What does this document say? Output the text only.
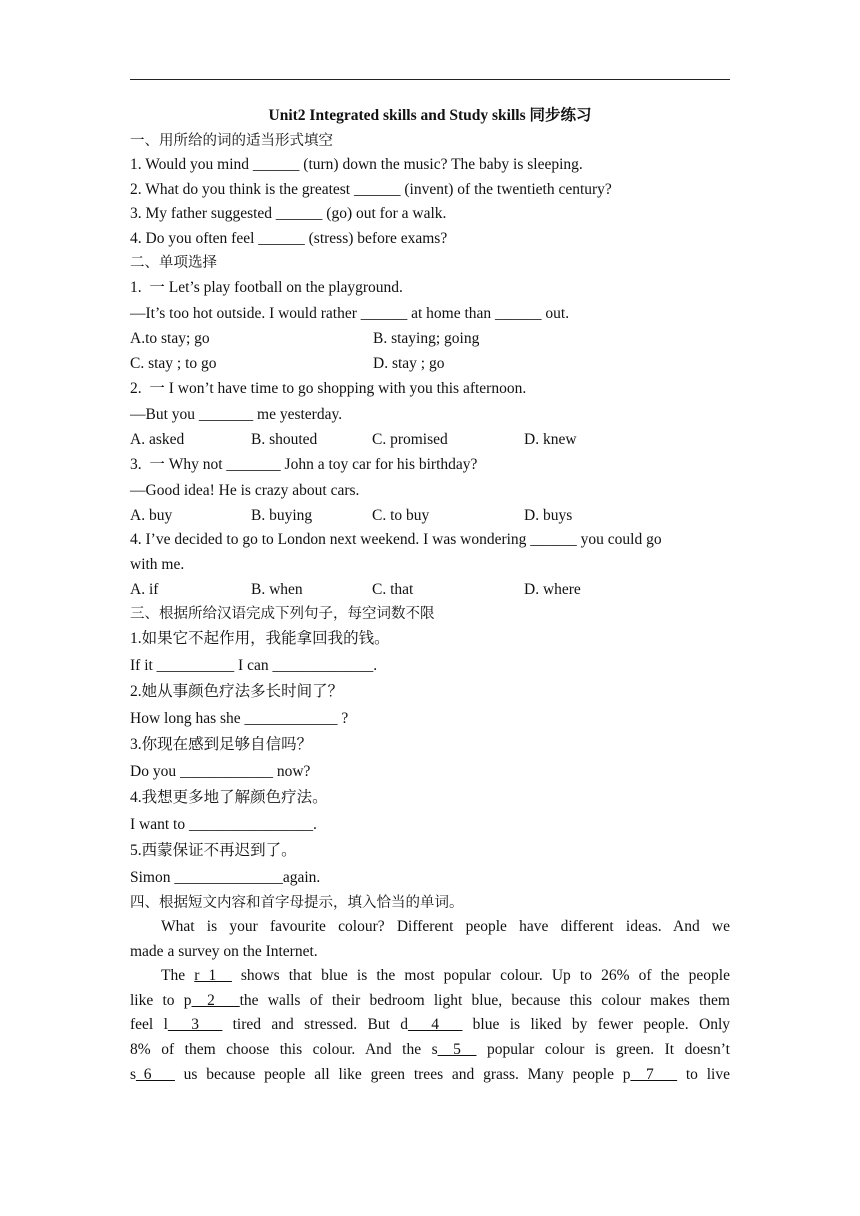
Unit2 Integrated skills and Study skills 同步练习
一、用所给的词的适当形式填空
1. Would you mind ______ (turn) down the music? The baby is sleeping.
2. What do you think is the greatest ______ (invent) of the twentieth century?
3. My father suggested ______ (go) out for a walk.
4. Do you often feel ______ (stress) before exams?
二、单项选择
1.  一 Let’s play football on the playground.
—It’s too hot outside. I would rather ______ at home than ______ out.
A.to stay; go	B. staying; going
C. stay ; to go	D. stay ; go
2.  一 I won’t have time to go shopping with you this afternoon.
—But you _______ me yesterday.
A. asked	B. shouted	C. promised	D. knew
3.  一 Why not _______ John a toy car for his birthday?
—Good idea! He is crazy about cars.
A. buy	B. buying	C. to buy	D. buys
4. I’ve decided to go to London next weekend. I was wondering ______ you could go
with me.
A. if	B. when	C. that	D. where
三、根据所给汉语完成下列句子，每空词数不限
1.如果它不起作用，我能拿回我的钱。
If it __________ I can _____________.
2.她从事颜色疗法多长时间了？
How long has she ____________ ?
3.你现在感到足够自信吗？
Do you ____________ now?
4.我想更多地了解颜色疗法。
I want to ________________.
5.西蒙保证不再迟到了。
Simon ______________again.
四、根据短文内容和首字母提示，填入恰当的单词。
What is your favourite colour? Different people have different ideas. And we
made a survey on the Internet.
The r 1__ shows that blue is the most popular colour. Up to 26% of the people
like to p__2 __the walls of their bedroom light blue, because this colour makes them
feel l___3___ tired and stressed. But d___4___ blue is liked by fewer people. Only
8% of them choose this colour. And the s__5__ popular colour is green. It doesn’t
s_6___ us because people all like green trees and grass. Many people p__7___ to live
